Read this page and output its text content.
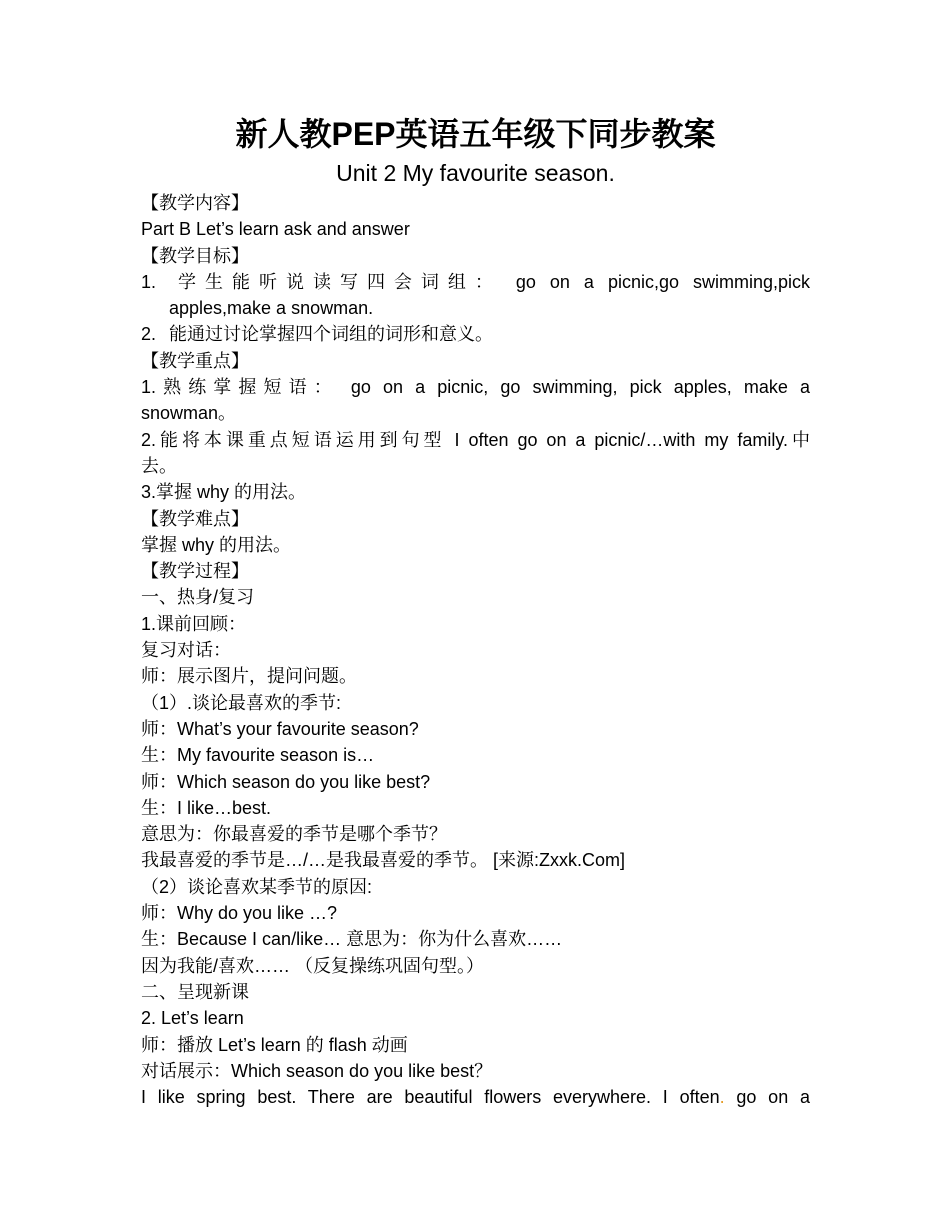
新人教PEP英语五年级下同步教案
Unit 2 My favourite season.
【教学内容】
Part B Let’s learn ask and answer
【教学目标】
1. 学生能听说读写四会词组： go on a picnic,go swimming,pick
apples,make a snowman.
2. 能通过讨论掌握四个词组的词形和意义。
【教学重点】
1.熟练掌握短语： go on a picnic, go swimming, pick apples, make a
snowman。
2.能将本课重点短语运用到句型 I often go on a picnic/…with my family.中
去。
3.掌握 why 的用法。
【教学难点】
掌握 why 的用法。
【教学过程】
一、热身/复习
1.课前回顾：
复习对话：
师：展示图片，提问问题。
（1）.谈论最喜欢的季节:
师：What’s your favourite season?
生：My favourite season is…
师：Which season do you like best?
生：I like…best.
意思为：你最喜爱的季节是哪个季节？
我最喜爱的季节是…/…是我最喜爱的季节。 [来源:Zxxk.Com]
（2）谈论喜欢某季节的原因:
师：Why do you like …?
生：Because I can/like… 意思为：你为什么喜欢……
因为我能/喜欢…… （反复操练巩固句型。）
二、呈现新课
2. Let’s learn
师：播放 Let’s learn 的 flash 动画
对话展示：Which season do you like best？
I like spring best. There are beautiful flowers everywhere. I often. go on a
